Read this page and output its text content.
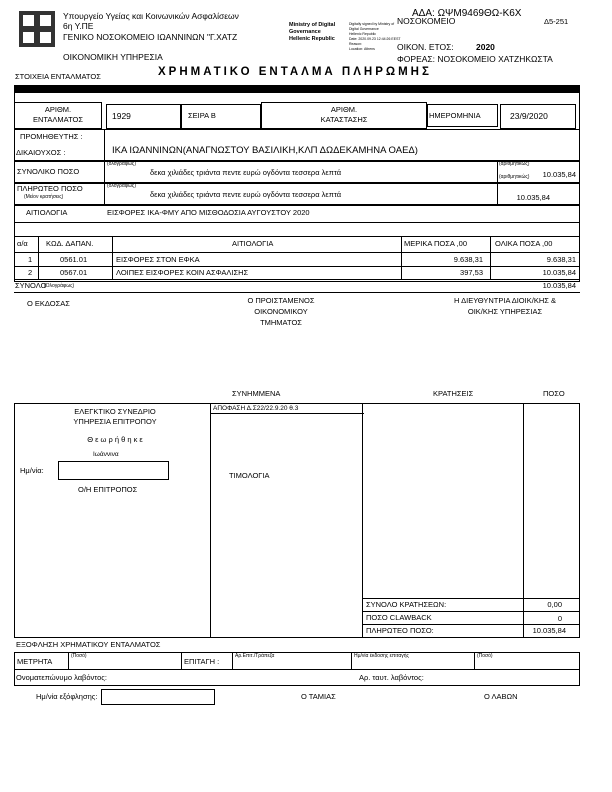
Υπουργείο Υγείας και Κοινωνικών Ασφαλίσεων
6η Υ.ΠΕ
ΓΕΝΙΚΟ ΝΟΣΟΚΟΜΕΙΟ ΙΩΑΝΝΙΝΩΝ "Γ.ΧΑΤΖ
ΟΙΚΟΝΟΜΙΚΗ ΥΠΗΡΕΣΙΑ
Ministry of Digital
Governance
Hellenic Republic
Digitally signed by Ministry of
Digital Governance
Hellenic Republic
Date: 2020.09.23 12:44:26 EEST
Reason:
Location: Athens
ΑΔΑ: ΩΨΜ9469ΘΩ-Κ6Χ
ΝΟΣΟΚΟΜΕΙΟ	Δ5-251
ΟΙΚΟΝ. ΕΤΟΣ:	2020
ΦΟΡΕΑΣ: ΝΟΣΟΚΟΜΕΙΟ ΧΑΤΖΗΚΩΣΤΑ
ΣΤΟΙΧΕΙΑ ΕΝΤΑΛΜΑΤΟΣ	ΧΡΗΜΑΤΙΚΟ ΕΝΤΑΛΜΑ ΠΛΗΡΩΜΗΣ
ΑΡΙΘΜ.
ΕΝΤΑΛΜΑΤΟΣ	1929	ΣΕΙΡΑ Β
ΑΡΙΘΜ.
ΚΑΤΑΣΤΑΣΗΣ	ΗΜΕΡΟΜΗΝΙΑ	23/9/2020
ΠΡΟΜΗΘΕΥΤΗΣ :
ΔΙΚΑΙΟΥΧΟΣ :	ΙΚΑ ΙΩΑΝΝΙΝΩΝ(ΑΝΑΓΝΩΣΤΟΥ ΒΑΣΙΛΙΚΗ,ΚΛΠ ΔΩΔΕΚΑΜΗΝΑ ΟΑΕΔ)
ΣΥΝΟΛΙΚΟ ΠΟΣΟ
(ολογράφως)
δεκα χιλιάδες τριάντα πεντε ευρώ ογδόντα τεσσερα λεπτά
(αριθμητικώς)
(αριθμητικώς)	10.035,84
ΠΛΗΡΩΤΕΟ ΠΟΣΟ
(Μείον κρατήσεις)
(ολογράφως)
δεκα χιλιάδες τριάντα πεντε ευρώ ογδόντα τεσσερα λεπτά	10.035,84
ΑΙΤΙΟΛΟΓΙΑ	ΕΙΣΦΟΡΕΣ ΙΚΑ-ΦΜΥ ΑΠΟ ΜΙΣΘΟΔΟΣΙΑ ΑΥΓΟΥΣΤΟΥ 2020
α/α ΚΩΔ. ΔΑΠΑΝ.	ΑΙΤΙΟΛΟΓΙΑ	ΜΕΡΙΚΑ ΠΟΣΑ ,00	ΟΛΙΚΑ ΠΟΣΑ ,00
1	0561.01	ΕΙΣΦΟΡΕΣ ΣΤΟΝ ΕΦΚΑ	9.638,31	9.638,31
2	0567.01	ΛΟΙΠΕΣ ΕΙΣΦΟΡΕΣ ΚΟΙΝ ΑΣΦΑΛΙΣΗΣ	397,53	10.035,84
ΣΥΝΟΛΟ
(Ολογράφως)	10.035,84
Ο ΕΚΔΟΣΑΣ	Ο ΠΡΟΙΣΤΑΜΕΝΟΣ
ΟΙΚΟΝΟΜΙΚΟΥ
ΤΜΗΜΑΤΟΣ
Η ΔΙΕΥΘΥΝΤΡΙΑ ΔΙΟΙΚ/ΚΗΣ &
ΟΙΚ/ΚΗΣ ΥΠΗΡΕΣΙΑΣ
ΣΥΝΗΜΜΕΝΑ	ΚΡΑΤΗΣΕΙΣ	ΠΟΣΟ
ΕΛΕΓΚΤΙΚΟ ΣΥΝΕΔΡΙΟ
ΥΠΗΡΕΣΙΑ ΕΠΙΤΡΟΠΟΥ
Θ ε ω ρ ή θ η κ ε
Ιωάννινα
Ημ/νία:
Ο/Η ΕΠΙΤΡΟΠΟΣ
ΑΠΟΦΑΣΗ Δ.Σ22/22.9.20 θ.3
ΤΙΜΟΛΟΓΙΑ
ΣΥΝΟΛΟ ΚΡΑΤΗΣΕΩΝ:	0,00
ΠΟΣΟ CLAWBACK	0
ΠΛΗΡΩΤΕΟ ΠΟΣΟ:	10.035,84
ΕΞΟΦΛΗΣΗ ΧΡΗΜΑΤΙΚΟΥ ΕΝΤΑΛΜΑΤΟΣ
ΜΕΤΡΗΤΑ
(Ποσό)
ΕΠΙΤΑΓΗ :
Αρ.Επιτ./Τράπεζα	Ημ/νία έκδοσης επιταγής	(Ποσό)
Ονοματεπώνυμο λαβόντος:	Αρ. ταυτ. λαβόντος:
Ημ/νία εξόφλησης:	Ο ΤΑΜΙΑΣ	Ο ΛΑΒΩΝ
